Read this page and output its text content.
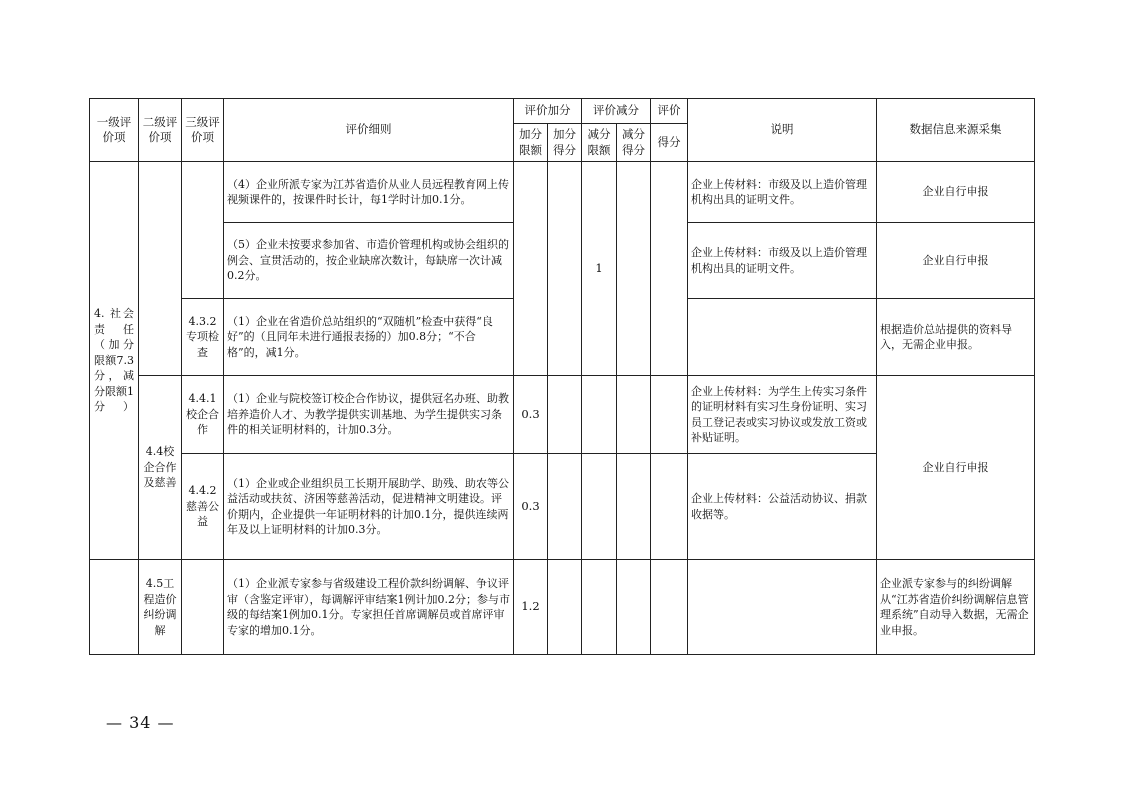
一级评价项	二级评价项	三级评价项	评价细则	评价加分		评价减分		评价	说明	数据信息来源采集
				加分限额	加分得分	减分限额	减分得分	得分		
4. 社会责任（加分限额7.3分，减分限额1分）			（4）企业所派专家为江苏省造价从业人员远程教育网上传视频课件的，按课件时长计，每1学时计加0.1分。			1			企业上传材料：市级及以上造价管理机构出具的证明文件。	企业自行申报
			（5）企业未按要求参加省、市造价管理机构或协会组织的例会、宣贯活动的，按企业缺席次数计，每缺席一次计减0.2分。						企业上传材料：市级及以上造价管理机构出具的证明文件。	企业自行申报
		4.3.2专项检查	（1）企业在省造价总站组织的“双随机”检查中获得“良好”的（且同年未进行通报表扬的）加0.8分；“不合格”的，减1分。							根据造价总站提供的资料导入，无需企业申报。
	4.4校企合作及慈善	4.4.1校企合作	（1）企业与院校签订校企合作协议，提供冠名办班、助教培养造价人才、为教学提供实训基地、为学生提供实习条件的相关证明材料的，计加0.3分。	0.3					企业上传材料：为学生上传实习条件的证明材料有实习生身份证明、实习员工登记表或实习协议或发放工资或补贴证明。	企业自行申报
		4.4.2慈善公益	（1）企业或企业组织员工长期开展助学、助残、助农等公益活动或扶贫、济困等慈善活动，促进精神文明建设。评价期内，企业提供一年证明材料的计加0.1分，提供连续两年及以上证明材料的计加0.3分。	0.3					企业上传材料：公益活动协议、捐款收据等。	
	4.5工程造价纠纷调解		（1）企业派专家参与省级建设工程价款纠纷调解、争议评审（含鉴定评审），每调解评审结案1例计加0.2分；参与市级的每结案1例加0.1分。专家担任首席调解员或首席评审专家的增加0.1分。	1.2						企业派专家参与的纠纷调解从“江苏省造价纠纷调解信息管理系统”自动导入数据，无需企业申报。
— 34 —
